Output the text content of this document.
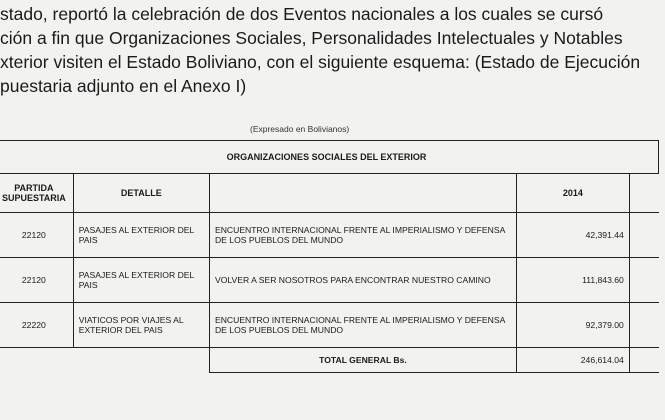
stado, reportó la celebración de dos Eventos nacionales a los cuales se cursó
ción a fin que Organizaciones Sociales, Personalidades Intelectuales y Notables
xterior visiten el Estado Boliviano, con el siguiente esquema: (Estado de Ejecución
puestaria adjunto en el Anexo I)
(Expresado en Bolivianos)
ORGANIZACIONES SOCIALES DEL EXTERIOR				

PARTIDA
SUPUESTARIA	DETALLE		2014	
22120	PASAJES AL EXTERIOR DEL PAIS	ENCUENTRO INTERNACIONAL FRENTE AL IMPERIALISMO Y DEFENSA DE LOS PUEBLOS DEL MUNDO	42,391.44	
22120	PASAJES AL EXTERIOR DEL PAIS	VOLVER A SER NOSOTROS PARA ENCONTRAR NUESTRO CAMINO	111,843.60	
22220	VIATICOS POR VIAJES AL EXTERIOR DEL PAIS	ENCUENTRO INTERNACIONAL FRENTE AL IMPERIALISMO Y DEFENSA DE LOS PUEBLOS DEL MUNDO	92,379.00	
		TOTAL GENERAL Bs.	246,614.04	
